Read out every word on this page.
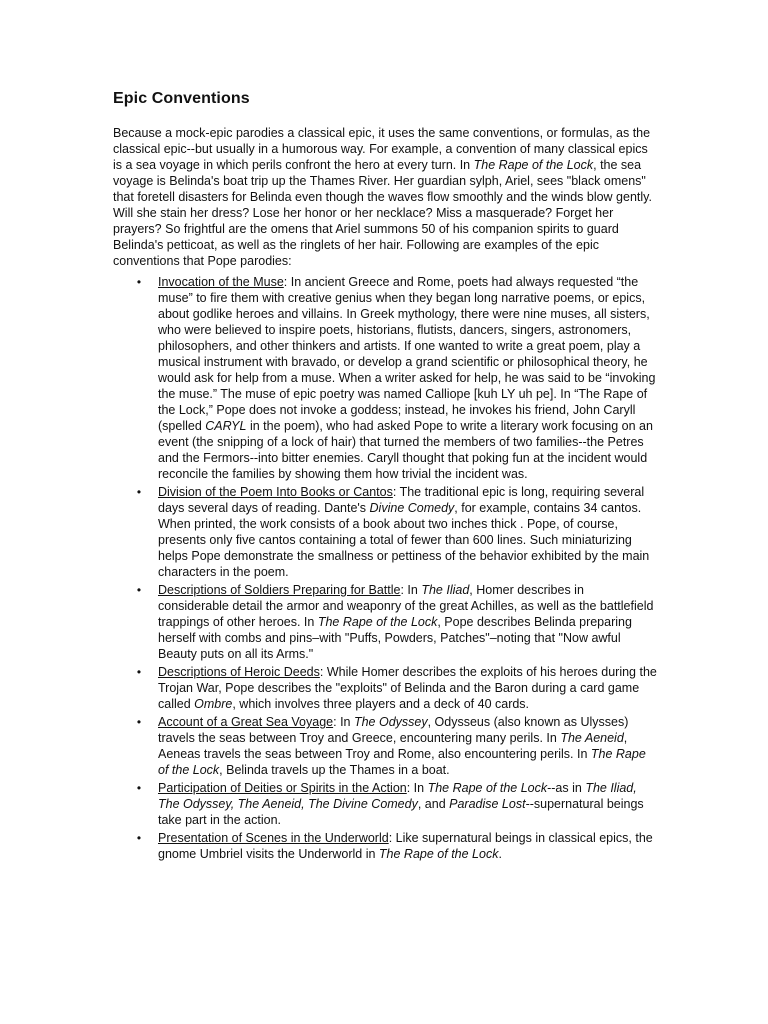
Epic Conventions

Because a mock-epic parodies a classical epic, it uses the same conventions, or formulas, as the classical epic--but usually in a humorous way. For example, a convention of many classical epics is a sea voyage in which perils confront the hero at every turn. In The Rape of the Lock, the sea voyage is Belinda's boat trip up the Thames River. Her guardian sylph, Ariel, sees "black omens" that foretell disasters for Belinda even though the waves flow smoothly and the winds blow gently. Will she stain her dress? Lose her honor or her necklace? Miss a masquerade? Forget her prayers? So frightful are the omens that Ariel summons 50 of his companion spirits to guard Belinda's petticoat, as well as the ringlets of her hair. Following are examples of the epic conventions that Pope parodies:

• Invocation of the Muse: In ancient Greece and Rome, poets had always requested “the muse” to fire them with creative genius when they began long narrative poems, or epics, about godlike heroes and villains. In Greek mythology, there were nine muses, all sisters, who were believed to inspire poets, historians, flutists, dancers, singers, astronomers, philosophers, and other thinkers and artists. If one wanted to write a great poem, play a musical instrument with bravado, or develop a grand scientific or philosophical theory, he would ask for help from a muse. When a writer asked for help, he was said to be “invoking the muse.” The muse of epic poetry was named Calliope [kuh LY uh pe]. In “The Rape of the Lock,” Pope does not invoke a goddess; instead, he invokes his friend, John Caryll (spelled CARYL in the poem), who had asked Pope to write a literary work focusing on an event (the snipping of a lock of hair) that turned the members of two families--the Petres and the Fermors--into bitter enemies. Caryll thought that poking fun at the incident would reconcile the families by showing them how trivial the incident was.
• Division of the Poem Into Books or Cantos: The traditional epic is long, requiring several days several days of reading. Dante's Divine Comedy, for example, contains 34 cantos. When printed, the work consists of a book about two inches thick . Pope, of course, presents only five cantos containing a total of fewer than 600 lines. Such miniaturizing helps Pope demonstrate the smallness or pettiness of the behavior exhibited by the main characters in the poem.
• Descriptions of Soldiers Preparing for Battle: In The Iliad, Homer describes in considerable detail the armor and weaponry of the great Achilles, as well as the battlefield trappings of other heroes. In The Rape of the Lock, Pope describes Belinda preparing herself with combs and pins–with "Puffs, Powders, Patches"–noting that "Now awful Beauty puts on all its Arms."
• Descriptions of Heroic Deeds: While Homer describes the exploits of his heroes during the Trojan War, Pope describes the "exploits" of Belinda and the Baron during a card game called Ombre, which involves three players and a deck of 40 cards.
• Account of a Great Sea Voyage: In The Odyssey, Odysseus (also known as Ulysses) travels the seas between Troy and Greece, encountering many perils. In The Aeneid, Aeneas travels the seas between Troy and Rome, also encountering perils. In The Rape of the Lock, Belinda travels up the Thames in a boat.
• Participation of Deities or Spirits in the Action: In The Rape of the Lock--as in The Iliad, The Odyssey, The Aeneid, The Divine Comedy, and Paradise Lost--supernatural beings take part in the action.
• Presentation of Scenes in the Underworld: Like supernatural beings in classical epics, the gnome Umbriel visits the Underworld in The Rape of the Lock.
